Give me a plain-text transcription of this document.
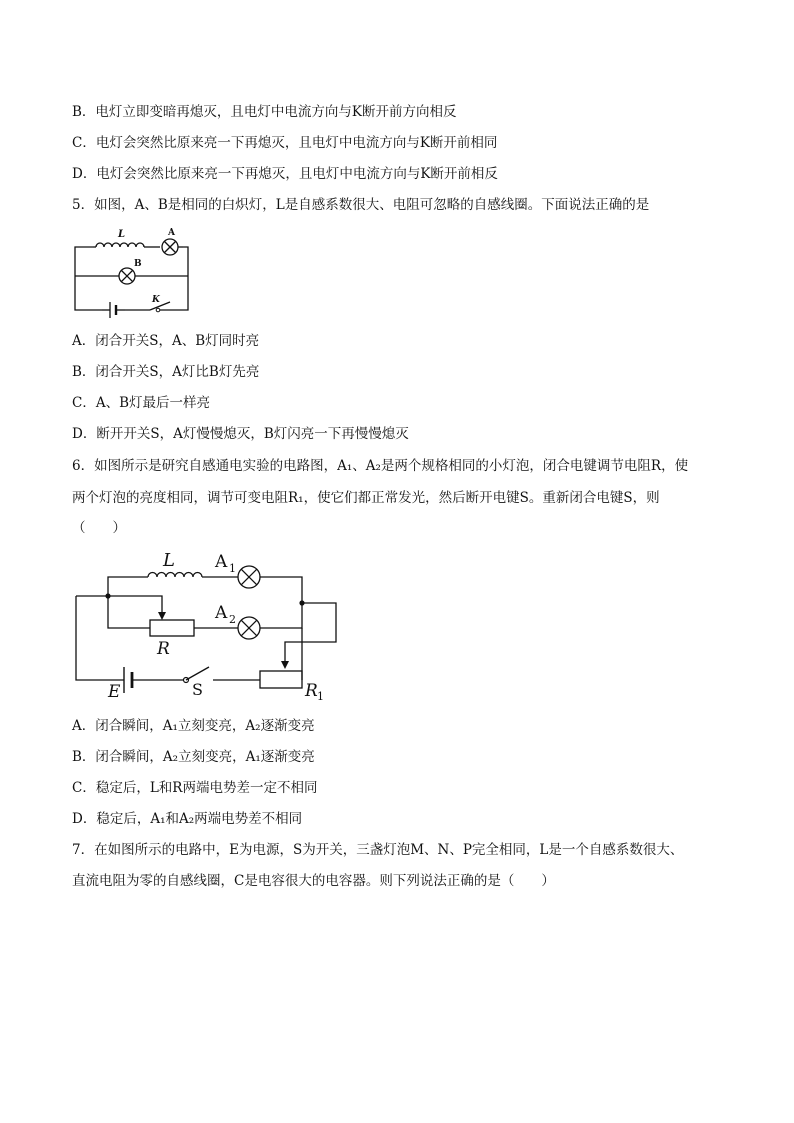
B．电灯立即变暗再熄灭，且电灯中电流方向与K断开前方向相反
C．电灯会突然比原来亮一下再熄灭，且电灯中电流方向与K断开前相同
D．电灯会突然比原来亮一下再熄灭，且电灯中电流方向与K断开前相反
5．如图，A、B是相同的白炽灯，L是自感系数很大、电阻可忽略的自感线圈。下面说法正确的是
L	A
B
K
A．闭合开关S，A、B灯同时亮
B．闭合开关S，A灯比B灯先亮
C．A、B灯最后一样亮
D．断开开关S，A灯慢慢熄灭，B灯闪亮一下再慢慢熄灭
6．如图所示是研究自感通电实验的电路图，A₁、A₂是两个规格相同的小灯泡，闭合电键调节电阻R，使
两个灯泡的亮度相同，调节可变电阻R₁，使它们都正常发光，然后断开电键S。重新闭合电键S，则
（　　）
L A 1
A 2
R
E	S	R 1
A．闭合瞬间，A₁立刻变亮，A₂逐渐变亮
B．闭合瞬间，A₂立刻变亮，A₁逐渐变亮
C．稳定后，L和R两端电势差一定不相同
D．稳定后，A₁和A₂两端电势差不相同
7．在如图所示的电路中，E为电源，S为开关，三盏灯泡M、N、P完全相同，L是一个自感系数很大、
直流电阻为零的自感线圈，C是电容很大的电容器。则下列说法正确的是（　　）
